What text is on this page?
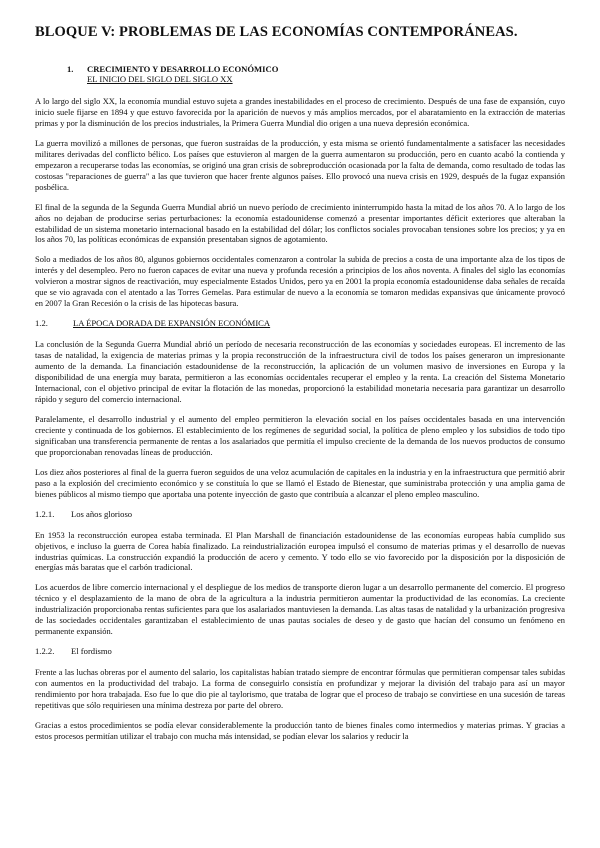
BLOQUE V: PROBLEMAS DE LAS ECONOMÍAS CONTEMPORÁNEAS.
1. CRECIMIENTO Y DESARROLLO ECONÓMICO
EL INICIO DEL SIGLO DEL SIGLO XX

A lo largo del siglo XX, la economía mundial estuvo sujeta a grandes inestabilidades en el proceso de crecimiento. Después de una fase de expansión, cuyo inicio suele fijarse en 1894 y que estuvo favorecida por la aparición de nuevos y más amplios mercados, por el abaratamiento en la extracción de materias primas y por la disminución de los precios industriales, la Primera Guerra Mundial dio origen a una nueva depresión económica.

La guerra movilizó a millones de personas, que fueron sustraídas de la producción, y esta misma se orientó fundamentalmente a satisfacer las necesidades militares derivadas del conflicto bélico. Los países que estuvieron al margen de la guerra aumentaron su producción, pero en cuanto acabó la contienda y empezaron a recuperarse todas las economías, se originó una gran crisis de sobreproducción ocasionada por la falta de demanda, como resultado de todas las costosas "reparaciones de guerra" a las que tuvieron que hacer frente algunos países. Ello provocó una nueva crisis en 1929, después de la fugaz expansión posbélica.

El final de la segunda de la Segunda Guerra Mundial abrió un nuevo período de crecimiento ininterrumpido hasta la mitad de los años 70. A lo largo de los años no dejaban de producirse serias perturbaciones: la economía estadounidense comenzó a presentar importantes déficit exteriores que alteraban la estabilidad de un sistema monetario internacional basado en la estabilidad del dólar; los conflictos sociales provocaban tensiones sobre los precios; y ya en los años 70, las políticas económicas de expansión presentaban signos de agotamiento.

Solo a mediados de los años 80, algunos gobiernos occidentales comenzaron a controlar la subida de precios a costa de una importante alza de los tipos de interés y del desempleo. Pero no fueron capaces de evitar una nueva y profunda recesión a principios de los años noventa. A finales del siglo las economías volvieron a mostrar signos de reactivación, muy especialmente Estados Unidos, pero ya en 2001 la propia economía estadounidense daba señales de recaída que se vio agravada con el atentado a las Torres Gemelas. Para estimular de nuevo a la economía se tomaron medidas expansivas que únicamente provocó en 2007 la Gran Recesión o la crisis de las hipotecas basura.

1.2.	LA ÉPOCA DORADA DE EXPANSIÓN ECONÓMICA

La conclusión de la Segunda Guerra Mundial abrió un período de necesaria reconstrucción de las economías y sociedades europeas. El incremento de las tasas de natalidad, la exigencia de materias primas y la propia reconstrucción de la infraestructura civil de todos los países generaron un impresionante aumento de la demanda. La financiación estadounidense de la reconstrucción, la aplicación de un volumen masivo de inversiones en Europa y la disponibilidad de una energía muy barata, permitieron a las economías occidentales recuperar el empleo y la renta. La creación del Sistema Monetario Internacional, con el objetivo principal de evitar la flotación de las monedas, proporcionó la estabilidad monetaria necesaria para garantizar un desarrollo rápido y seguro del comercio internacional.

Paralelamente, el desarrollo industrial y el aumento del empleo permitieron la elevación social en los países occidentales basada en una intervención creciente y continuada de los gobiernos. El establecimiento de los regímenes de seguridad social, la política de pleno empleo y los subsidios de todo tipo significaban una transferencia permanente de rentas a los asalariados que permitía el impulso creciente de la demanda de los nuevos productos de consumo que proporcionaban renovadas líneas de producción.

Los diez años posteriores al final de la guerra fueron seguidos de una veloz acumulación de capitales en la industria y en la infraestructura que permitió abrir paso a la explosión del crecimiento económico y se constituía lo que se llamó el Estado de Bienestar, que suministraba protección y una amplia gama de bienes públicos al mismo tiempo que aportaba una potente inyección de gasto que contribuía a alcanzar el pleno empleo masculino.

1.2.1.	Los años glorioso

En 1953 la reconstrucción europea estaba terminada. El Plan Marshall de financiación estadounidense de las economías europeas había cumplido sus objetivos, e incluso la guerra de Corea había finalizado. La reindustrialización europea impulsó el consumo de materias primas y el desarrollo de nuevas industrias químicas. La construcción expandió la producción de acero y cemento. Y todo ello se vio favorecido por la disposición por la disposición de energías más baratas que el carbón tradicional.

Los acuerdos de libre comercio internacional y el despliegue de los medios de transporte dieron lugar a un desarrollo permanente del comercio. El progreso técnico y el desplazamiento de la mano de obra de la agricultura a la industria permitieron aumentar la productividad de las economías. La creciente industrialización proporcionaba rentas suficientes para que los asalariados mantuviesen la demanda. Las altas tasas de natalidad y la urbanización progresiva de las sociedades occidentales garantizaban el establecimiento de unas pautas sociales de deseo y de gasto que hacían del consumo un fenómeno en permanente expansión.

1.2.2.	El fordismo

Frente a las luchas obreras por el aumento del salario, los capitalistas habían tratado siempre de encontrar fórmulas que permitieran compensar tales subidas con aumentos en la productividad del trabajo. La forma de conseguirlo consistía en profundizar y mejorar la división del trabajo para así un mayor rendimiento por hora trabajada. Eso fue lo que dio pie al taylorismo, que trataba de lograr que el proceso de trabajo se convirtiese en una sucesión de tareas repetitivas que sólo requiriesen una mínima destreza por parte del obrero.

Gracias a estos procedimientos se podía elevar considerablemente la producción tanto de bienes finales como intermedios y materias primas. Y gracias a estos procesos permitían utilizar el trabajo con mucha más intensidad, se podían elevar los salarios y reducir la
